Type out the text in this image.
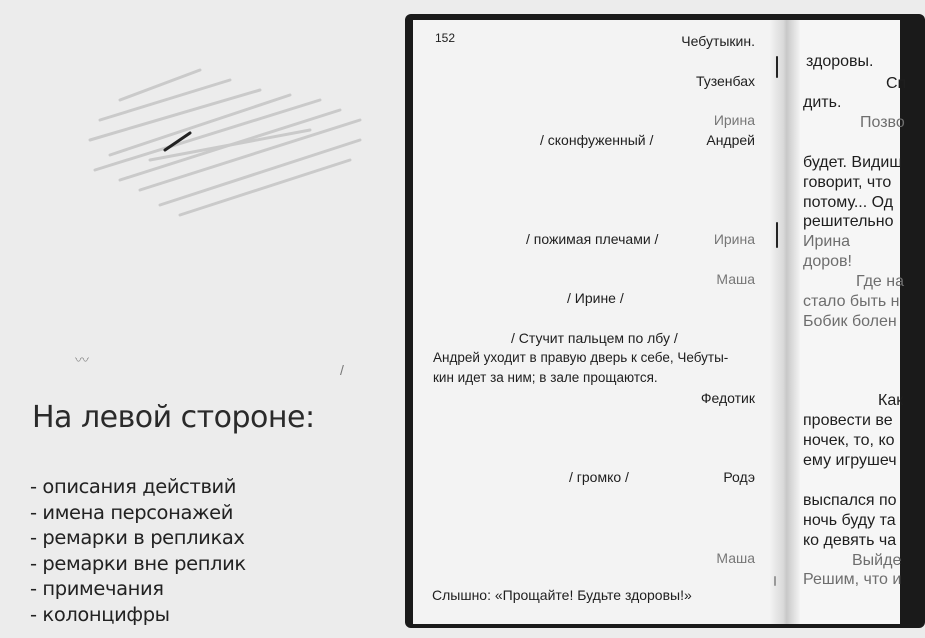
〰
/
На левой стороне:
- описания действий
- имена персонажей
- ремарки в репликах
- ремарки вне реплик
- примечания
- колонцифры
152	Чебутыкин.
Тузенбах
Ирина
/ сконфуженный /	Андрей
/ пожимая плечами /	Ирина
Маша
/ Ирине /
/ Стучит пальцем по лбу /
Андрей уходит в правую дверь к себе, Чебуты-
кин идет за ним; в зале прощаются.
Федотик
/ громко /	Родэ
Маша
Слышно: «Прощайте! Будьте здоровы!»
здоровы.
Сп
дить.
Позво
будет. Видиш
говорит, что
потому... Од
решительно
Ирина
доров!
Где на
стало быть н
Бобик болен
Как
провести ве
ночек, то, ко
ему игрушеч
выспался по
ночь буду та
ко девять ча
Выйде
Решим, что и
